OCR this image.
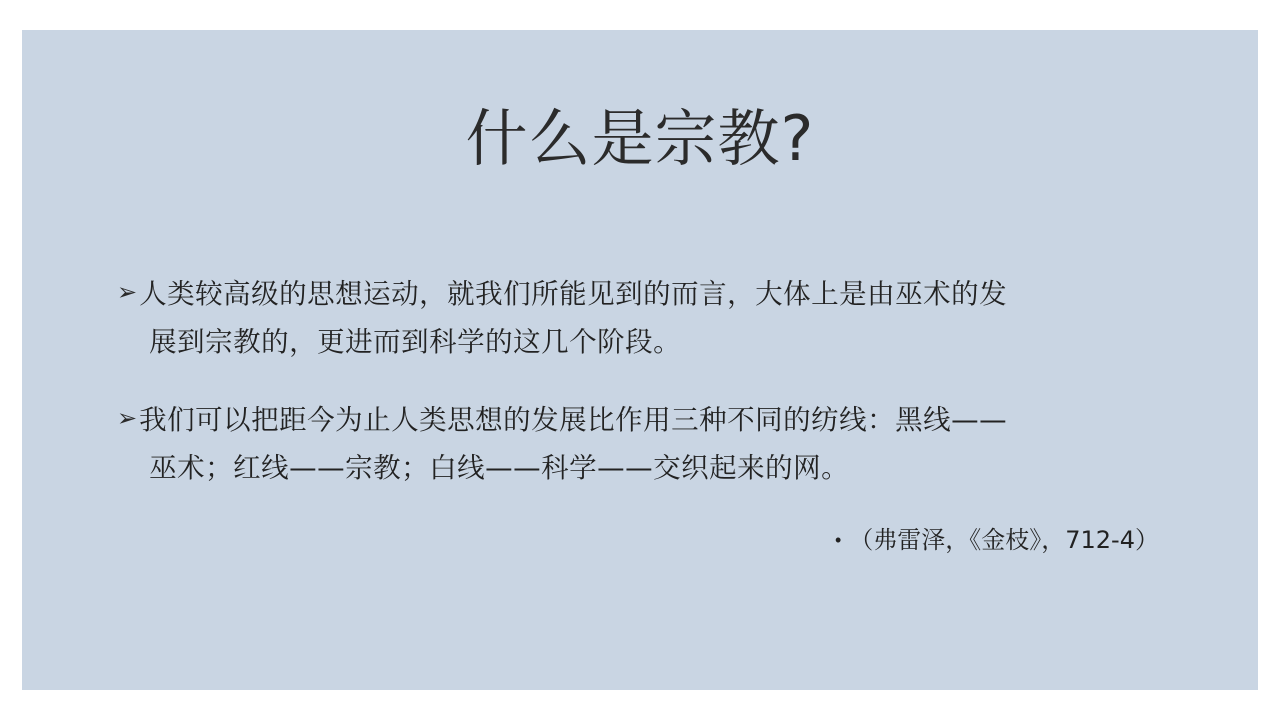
什么是宗教?
➢ 人类较高级的思想运动，就我们所能见到的而言，大体上是由巫术的发
展到宗教的，更进而到科学的这几个阶段。
➢ 我们可以把距今为止人类思想的发展比作用三种不同的纺线：黑线——
巫术；红线——宗教；白线——科学——交织起来的网。
• （弗雷泽，《金枝》，712-4）
